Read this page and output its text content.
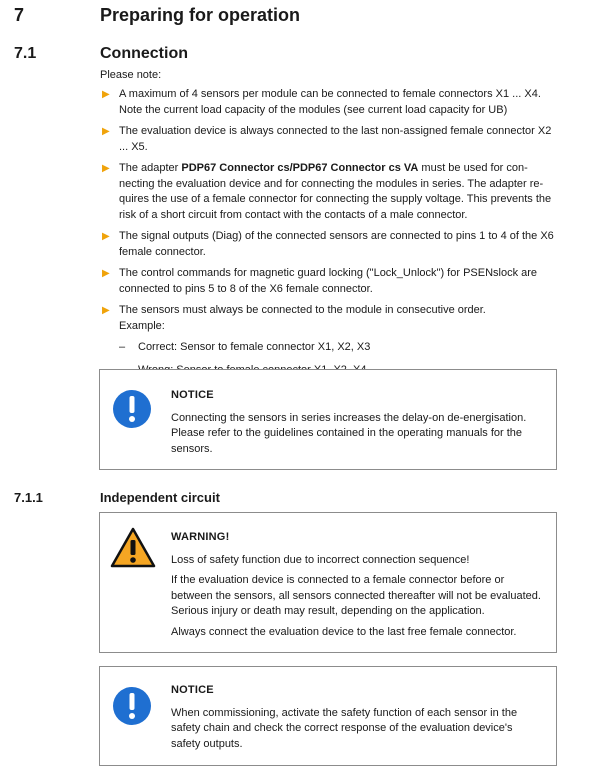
7	Preparing for operation
7.1	Connection
Please note:
▶ A maximum of 4 sensors per module can be connected to female connectors X1 ... X4. Note the current load capacity of the modules (see current load capacity for UB)
▶ The evaluation device is always connected to the last non-assigned female connector X2 ... X5.
▶ The adapter PDP67 Connector cs/PDP67 Connector cs VA must be used for con-necting the evaluation device and for connecting the modules in series. The adapter re-quires the use of a female connector for connecting the supply voltage. This prevents the risk of a short circuit from contact with the contacts of a male connector.
▶ The signal outputs (Diag) of the connected sensors are connected to pins 1 to 4 of the X6 female connector.
▶ The control commands for magnetic guard locking ("Lock_Unlock") for PSENslock are connected to pins 5 to 8 of the X6 female connector.
▶ The sensors must always be connected to the module in consecutive order.
Example:
– Correct: Sensor to female connector X1, X2, X3
NOTICE

Connecting the sensors in series increases the delay-on de-energisation. Please refer to the guidelines contained in the operating manuals for the sensors.

7.1.1	Independent circuit
WARNING!

Loss of safety function due to incorrect connection sequence!

If the evaluation device is connected to a female connector before or between the sensors, all sensors connected thereafter will not be evaluated. Serious injury or death may result, depending on the application.

Always connect the evaluation device to the last free female connector.

NOTICE

When commissioning, activate the safety function of each sensor in the safety chain and check the correct response of the evaluation device's safety outputs.
